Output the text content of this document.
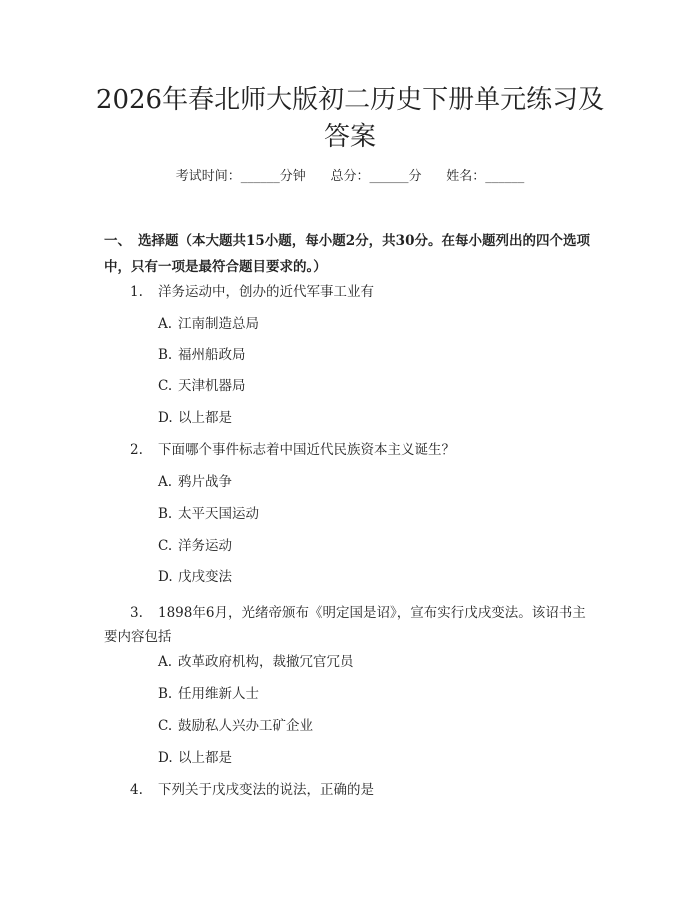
2026年春北师大版初二历史下册单元练习及
答案
考试时间：______分钟      总分：______分      姓名：______
一、 选择题（本大题共15小题，每小题2分，共30分。在每小题列出的四个选项中，只有一项是最符合题目要求的。）
1. 洋务运动中，创办的近代军事工业有
A. 江南制造总局
B. 福州船政局
C. 天津机器局
D. 以上都是
2. 下面哪个事件标志着中国近代民族资本主义诞生？
A. 鸦片战争
B. 太平天国运动
C. 洋务运动
D. 戊戌变法
3. 1898年6月，光绪帝颁布《明定国是诏》，宣布实行戊戌变法。该诏书主要内容包括
A. 改革政府机构，裁撤冗官冗员
B. 任用维新人士
C. 鼓励私人兴办工矿企业
D. 以上都是
4. 下列关于戊戌变法的说法，正确的是
